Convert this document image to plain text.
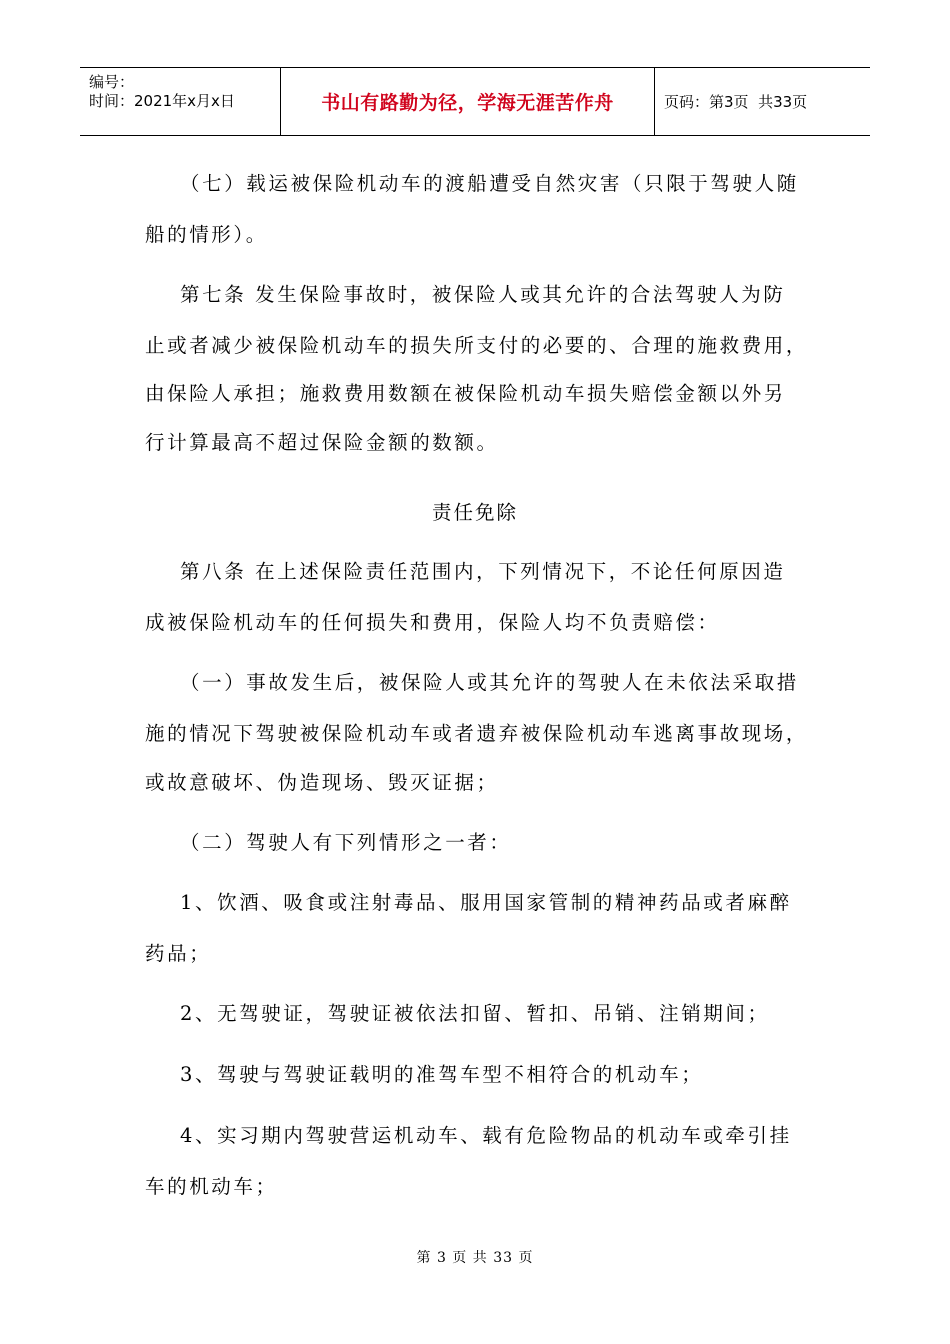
编号：
时间：2021年x月x日	书山有路勤为径，学海无涯苦作舟	页码：第3页  共33页
（七）载运被保险机动车的渡船遭受自然灾害（只限于驾驶人随
船的情形）。
第七条 发生保险事故时，被保险人或其允许的合法驾驶人为防
止或者减少被保险机动车的损失所支付的必要的、合理的施救费用，
由保险人承担；施救费用数额在被保险机动车损失赔偿金额以外另
行计算最高不超过保险金额的数额。
责任免除
第八条 在上述保险责任范围内，下列情况下，不论任何原因造
成被保险机动车的任何损失和费用，保险人均不负责赔偿：
（一）事故发生后，被保险人或其允许的驾驶人在未依法采取措
施的情况下驾驶被保险机动车或者遗弃被保险机动车逃离事故现场，
或故意破坏、伪造现场、毁灭证据；
（二）驾驶人有下列情形之一者：
1、饮酒、吸食或注射毒品、服用国家管制的精神药品或者麻醉
药品；
2、无驾驶证，驾驶证被依法扣留、暂扣、吊销、注销期间；
3、驾驶与驾驶证载明的准驾车型不相符合的机动车；
4、实习期内驾驶营运机动车、载有危险物品的机动车或牵引挂
车的机动车；
第 3 页 共 33 页
